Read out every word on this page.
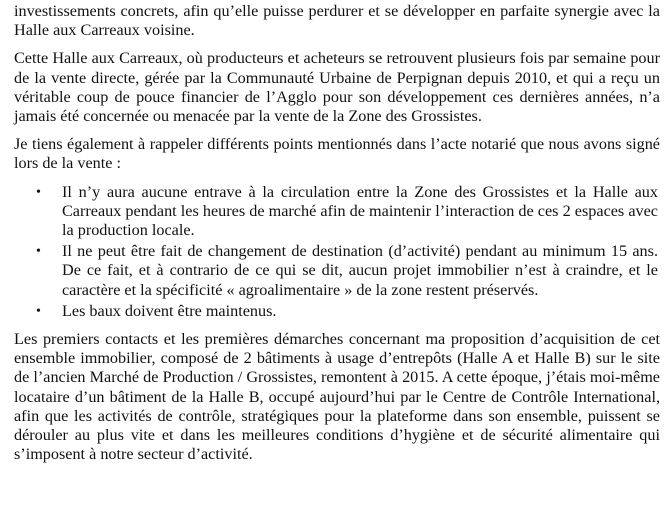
investissements concrets, afin qu’elle puisse perdurer et se développer en parfaite synergie avec la Halle aux Carreaux voisine.

Cette Halle aux Carreaux, où producteurs et acheteurs se retrouvent plusieurs fois par semaine pour de la vente directe, gérée par la Communauté Urbaine de Perpignan depuis 2010, et qui a reçu un véritable coup de pouce financier de l’Agglo pour son développement ces dernières années, n’a jamais été concernée ou menacée par la vente de la Zone des Grossistes.

Je tiens également à rappeler différents points mentionnés dans l’acte notarié que nous avons signé lors de la vente :

• Il n’y aura aucune entrave à la circulation entre la Zone des Grossistes et la Halle aux Carreaux pendant les heures de marché afin de maintenir l’interaction de ces 2 espaces avec la production locale.
• Il ne peut être fait de changement de destination (d’activité) pendant au minimum 15 ans. De ce fait, et à contrario de ce qui se dit, aucun projet immobilier n’est à craindre, et le caractère et la spécificité « agroalimentaire » de la zone restent préservés.
• Les baux doivent être maintenus.

Les premiers contacts et les premières démarches concernant ma proposition d’acquisition de cet ensemble immobilier, composé de 2 bâtiments à usage d’entrepôts (Halle A et Halle B) sur le site de l’ancien Marché de Production / Grossistes, remontent à 2015. A cette époque, j’étais moi-même locataire d’un bâtiment de la Halle B, occupé aujourd’hui par le Centre de Contrôle International, afin que les activités de contrôle, stratégiques pour la plateforme dans son ensemble, puissent se dérouler au plus vite et dans les meilleures conditions d’hygiène et de sécurité alimentaire qui s’imposent à notre secteur d’activité.
